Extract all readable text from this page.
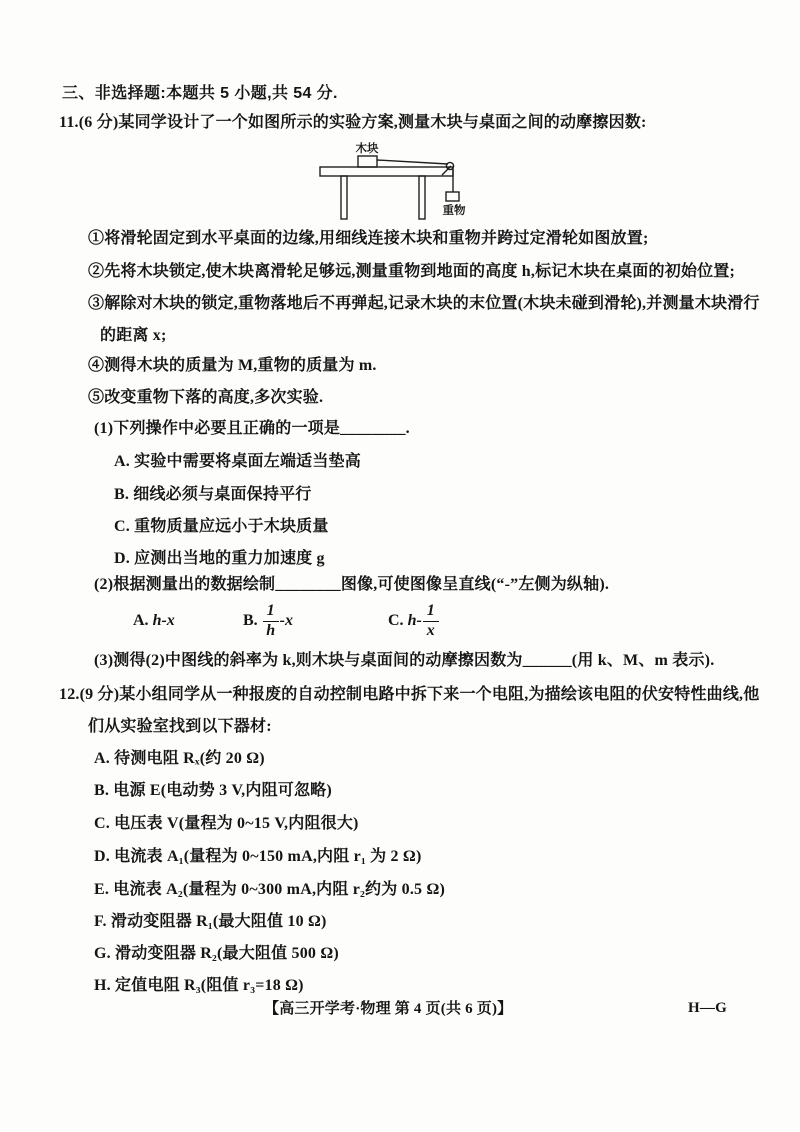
三、非选择题:本题共 5 小题,共 54 分.
11.(6 分)某同学设计了一个如图所示的实验方案,测量木块与桌面之间的动摩擦因数:
木块
重物
①将滑轮固定到水平桌面的边缘,用细线连接木块和重物并跨过定滑轮如图放置;
②先将木块锁定,使木块离滑轮足够远,测量重物到地面的高度 h,标记木块在桌面的初始位置;
③解除对木块的锁定,重物落地后不再弹起,记录木块的末位置(木块未碰到滑轮),并测量木块滑行
的距离 x;
④测得木块的质量为 M,重物的质量为 m.
⑤改变重物下落的高度,多次实验.
(1)下列操作中必要且正确的一项是________.
A. 实验中需要将桌面左端适当垫高
B. 细线必须与桌面保持平行
C. 重物质量应远小于木块质量
D. 应测出当地的重力加速度 g
(2)根据测量出的数据绘制________图像,可使图像呈直线(“-”左侧为纵轴).
A. h-x	B. $\frac{1}{h} -x$	C. $h- \frac{1}{x}$
(3)测得(2)中图线的斜率为 k,则木块与桌面间的动摩擦因数为______(用 k、M、m 表示).
12.(9 分)某小组同学从一种报废的自动控制电路中拆下来一个电阻,为描绘该电阻的伏安特性曲线,他
们从实验室找到以下器材:
A. 待测电阻 Rₓ(约 20 Ω)
B. 电源 E(电动势 3 V,内阻可忽略)
C. 电压表 V(量程为 0~15 V,内阻很大)
D. 电流表 A₁(量程为 0~150 mA,内阻 r₁ 为 2 Ω)
E. 电流表 A₂(量程为 0~300 mA,内阻 r₂约为 0.5 Ω)
F. 滑动变阻器 R₁(最大阻值 10 Ω)
G. 滑动变阻器 R₂(最大阻值 500 Ω)
H. 定值电阻 R₃(阻值 r₃=18 Ω)
【高三开学考·物理 第 4 页(共 6 页)】	H—G
